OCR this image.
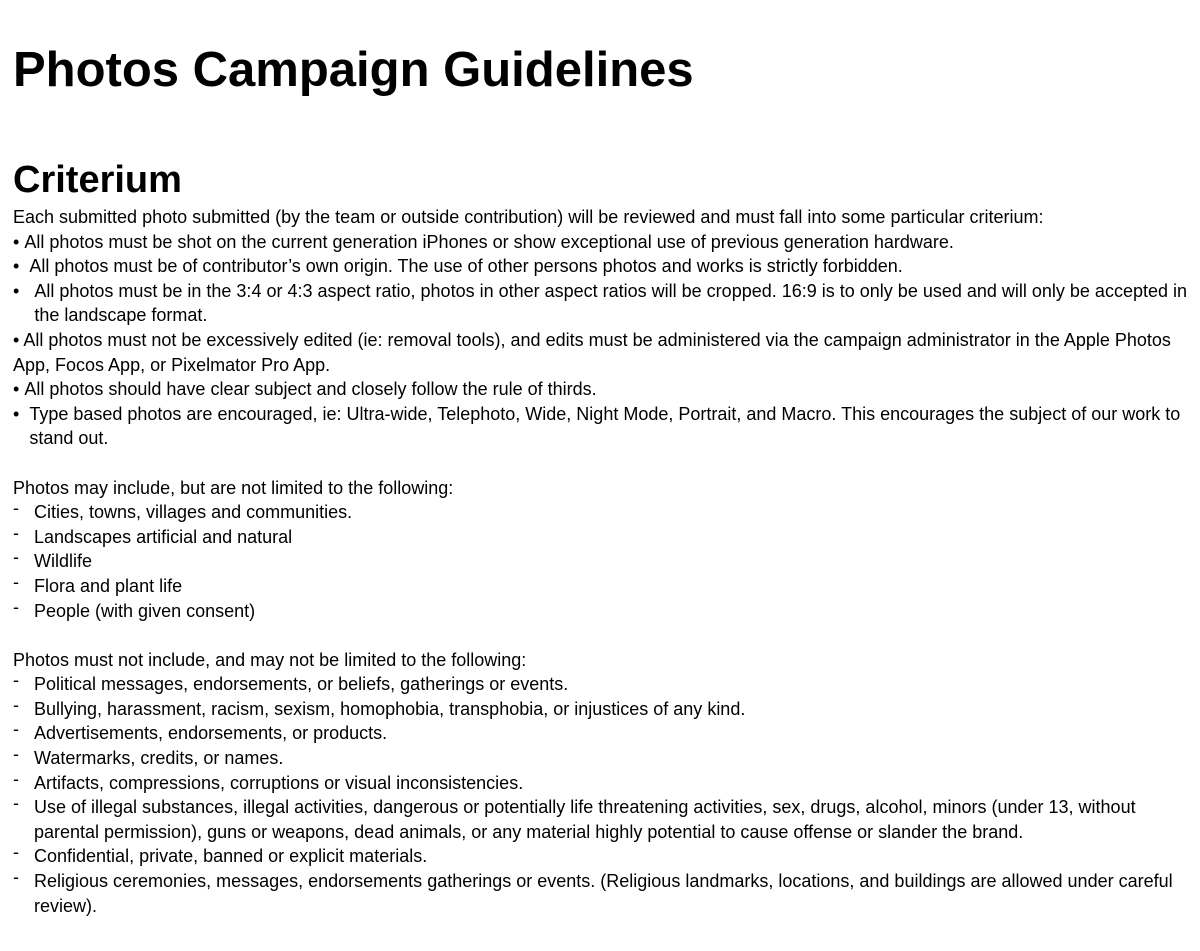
Photos Campaign Guidelines
Criterium

Each submitted photo submitted (by the team or outside contribution) will be reviewed and must fall into some particular criterium:

• All photos must be shot on the current generation iPhones or show exceptional use of previous generation hardware.

• All photos must be of contributor’s own origin. The use of other persons photos and works is strictly forbidden.

• All photos must be in the 3:4 or 4:3 aspect ratio, photos in other aspect ratios will be cropped. 16:9 is to only be used and will only be accepted in the landscape format.

• All photos must not be excessively edited (ie: removal tools), and edits must be administered via the campaign administrator in the Apple Photos App, Focos App, or Pixelmator Pro App.

• All photos should have clear subject and closely follow the rule of thirds.

• Type based photos are encouraged, ie: Ultra-wide, Telephoto, Wide, Night Mode, Portrait, and Macro. This encourages the subject of our work to stand out.

Photos may include, but are not limited to the following:

- Cities, towns, villages and communities.

- Landscapes artificial and natural

- Wildlife

- Flora and plant life

- People (with given consent)

Photos must not include, and may not be limited to the following:

- Political messages, endorsements, or beliefs, gatherings or events.

- Bullying, harassment, racism, sexism, homophobia, transphobia, or injustices of any kind.

- Advertisements, endorsements, or products.

- Watermarks, credits, or names.

- Artifacts, compressions, corruptions or visual inconsistencies.

- Use of illegal substances, illegal activities, dangerous or potentially life threatening activities, sex, drugs, alcohol, minors (under 13, without parental permission), guns or weapons, dead animals, or any material highly potential to cause offense or slander the brand.

- Confidential, private, banned or explicit materials.

- Religious ceremonies, messages, endorsements gatherings or events. (Religious landmarks, locations, and buildings are allowed under careful review).
